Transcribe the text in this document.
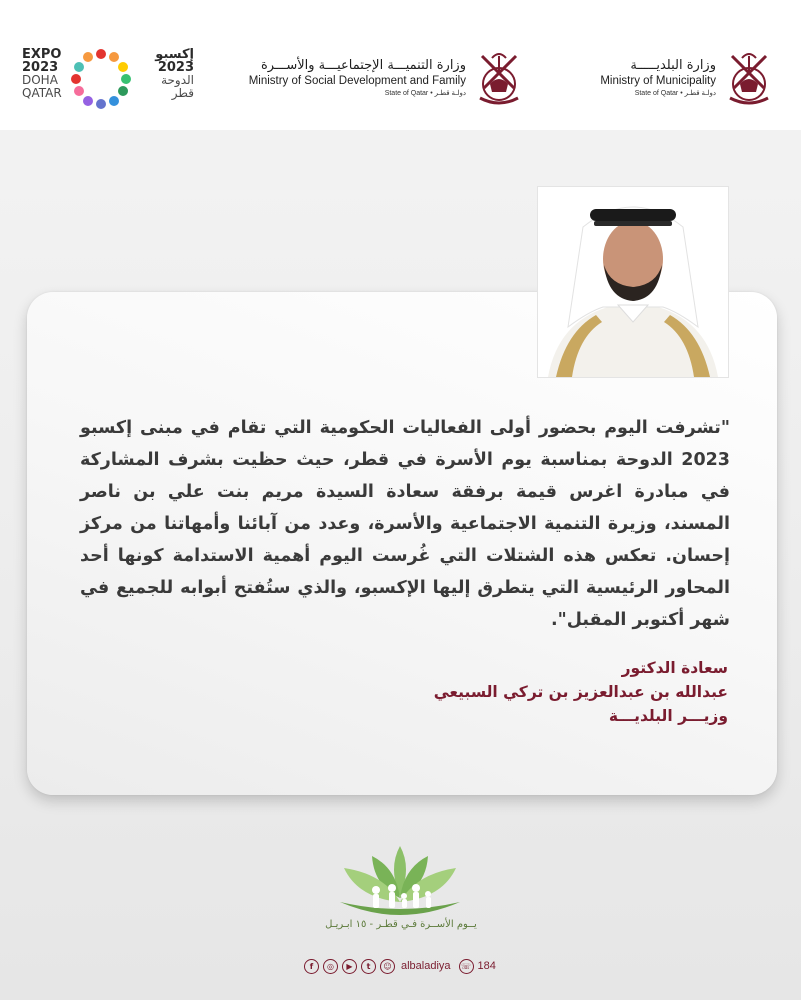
EXPO
2023
DOHA
QATAR
إكسبو
2023
الدوحة
قطر
وزارة التنميـــة الإجتماعيـــة والأســـرة
Ministry of Social Development and Family
State of Qatar • دولـة قطـر
وزارة البلديـــــة
Ministry of Municipality
State of Qatar • دولـة قطـر
"تشرفت اليوم بحضور أولى الفعاليات الحكومية التي تقام في مبنى إكسبو 2023 الدوحة بمناسبة يوم الأسرة في قطر، حيث حظيت بشرف المشاركة في مبادرة اغرس قيمة برفقة سعادة السيدة مريم بنت علي بن ناصر المسند، وزيرة التنمية الاجتماعية والأسرة، وعدد من آبائنا وأمهاتنا من مركز إحسان. تعكس هذه الشتلات التي غُرست اليوم أهمية الاستدامة كونها أحد المحاور الرئيسية التي يتطرق إليها الإكسبو، والذي ستُفتح أبوابه للجميع في شهر أكتوبر المقبل".
سعادة الدكتور
عبدالله بن عبدالعزيز بن تركي السبيعي
وزيـــر البلديـــة
يــوم الأســرة فـي قطـر - ١٥ ابـريـل
f	◎	▶	t	☺ albaladiya	☏ 184
